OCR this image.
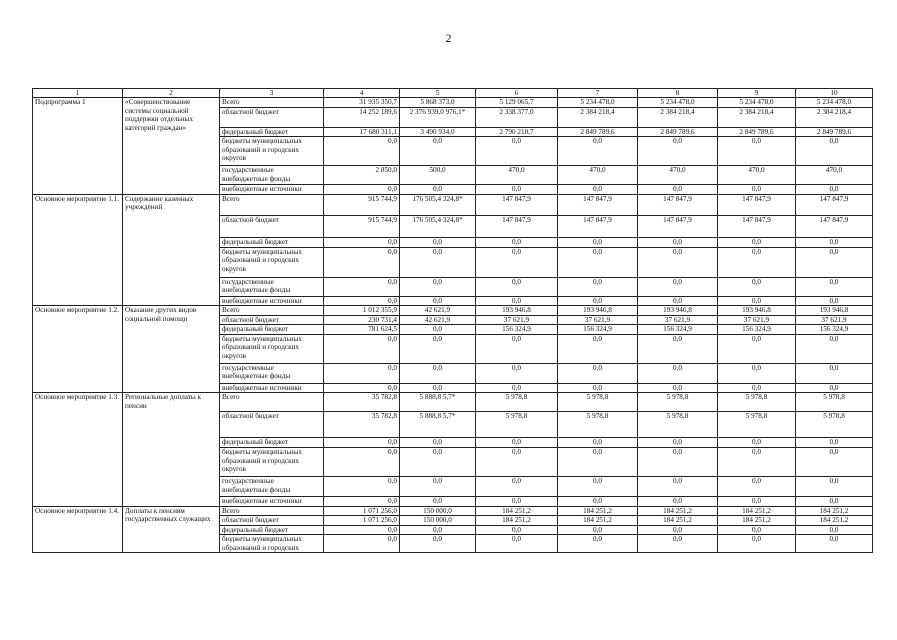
2
1	2	3	4	5	6	7	8	9	10
Подпрограмма 1	«Совершенствование системы социальной поддержки отдельных категорий граждан»	Всего	31 935 350,7	5 868 373,0	5 129 065,7	5 234 478,0	5 234 478,0	5 234 478,0	5 234 478,0
		областной бюджет	14 252 189,6	2 376 939,0 976,1*	2 338 377,0	2 384 218,4	2 384 218,4	2 384 218,4	2 384 218,4
		федеральный бюджет	17 680 311,1	3 490 934,0	2 790 218,7	2 849 789,6	2 849 789,6	2 849 789,6	2 849 789,6
		бюджеты муниципальных образований и городских округов	0,0	0,0	0,0	0,0	0,0	0,0	0,0
		государственные внебюджетные фонды	2 850,0	500,0	470,0	470,0	470,0	470,0	470,0
		внебюджетные источники	0,0	0,0	0,0	0,0	0,0	0,0	0,0
Основное мероприятие 1.1.	Содержание казенных учреждений	Всего	915 744,9	176 505,4 324,8*	147 847,9	147 847,9	147 847,9	147 847,9	147 847,9
		областной бюджет	915 744,9	176 505,4 324,8*	147 847,9	147 847,9	147 847,9	147 847,9	147 847,9
		федеральный бюджет	0,0	0,0	0,0	0,0	0,0	0,0	0,0
		бюджеты муниципальных образований и городских округов	0,0	0,0	0,0	0,0	0,0	0,0	0,0
		государственные внебюджетные фонды	0,0	0,0	0,0	0,0	0,0	0,0	0,0
		внебюджетные источники	0,0	0,0	0,0	0,0	0,0	0,0	0,0
Основное мероприятие 1.2.	Оказание других видов социальной помощи	Всего	1 012 355,9	42 621,9	193 946,8	193 946,8	193 946,8	193 946,8	193 946,8
		областной бюджет	230 731,4	42 621,9	37 621,9	37 621,9	37 621,9	37 621,9	37 621,9
		федеральный бюджет	781 624,5	0,0	156 324,9	156 324,9	156 324,9	156 324,9	156 324,9
		бюджеты муниципальных образований и городских округов	0,0	0,0	0,0	0,0	0,0	0,0	0,0
		государственные внебюджетные фонды	0,0	0,0	0,0	0,0	0,0	0,0	0,0
		внебюджетные источники	0,0	0,0	0,0	0,0	0,0	0,0	0,0
Основное мероприятие 1.3.	Региональные доплаты к пенсии	Всего	35 782,8	5 888,8 5,7*	5 978,8	5 978,8	5 978,8	5 978,8	5 978,8
		областной бюджет	35 782,8	5 888,8 5,7*	5 978,8	5 978,8	5 978,8	5 978,8	5 978,8
		федеральный бюджет	0,0	0,0	0,0	0,0	0,0	0,0	0,0
		бюджеты муниципальных образований и городских округов	0,0	0,0	0,0	0,0	0,0	0,0	0,0
		государственные внебюджетные фонды	0,0	0,0	0,0	0,0	0,0	0,0	0,0
		внебюджетные источники	0,0	0,0	0,0	0,0	0,0	0,0	0,0
Основное мероприятие 1.4.	Доплаты к пенсиям государственных служащих	Всего	1 071 256,0	150 000,0	184 251,2	184 251,2	184 251,2	184 251,2	184 251,2
		областной бюджет	1 071 256,0	150 000,0	184 251,2	184 251,2	184 251,2	184 251,2	184 251,2
		федеральный бюджет	0,0	0,0	0,0	0,0	0,0	0,0	0,0
		бюджеты муниципальных образований и городских	0,0	0,0	0,0	0,0	0,0	0,0	0,0
